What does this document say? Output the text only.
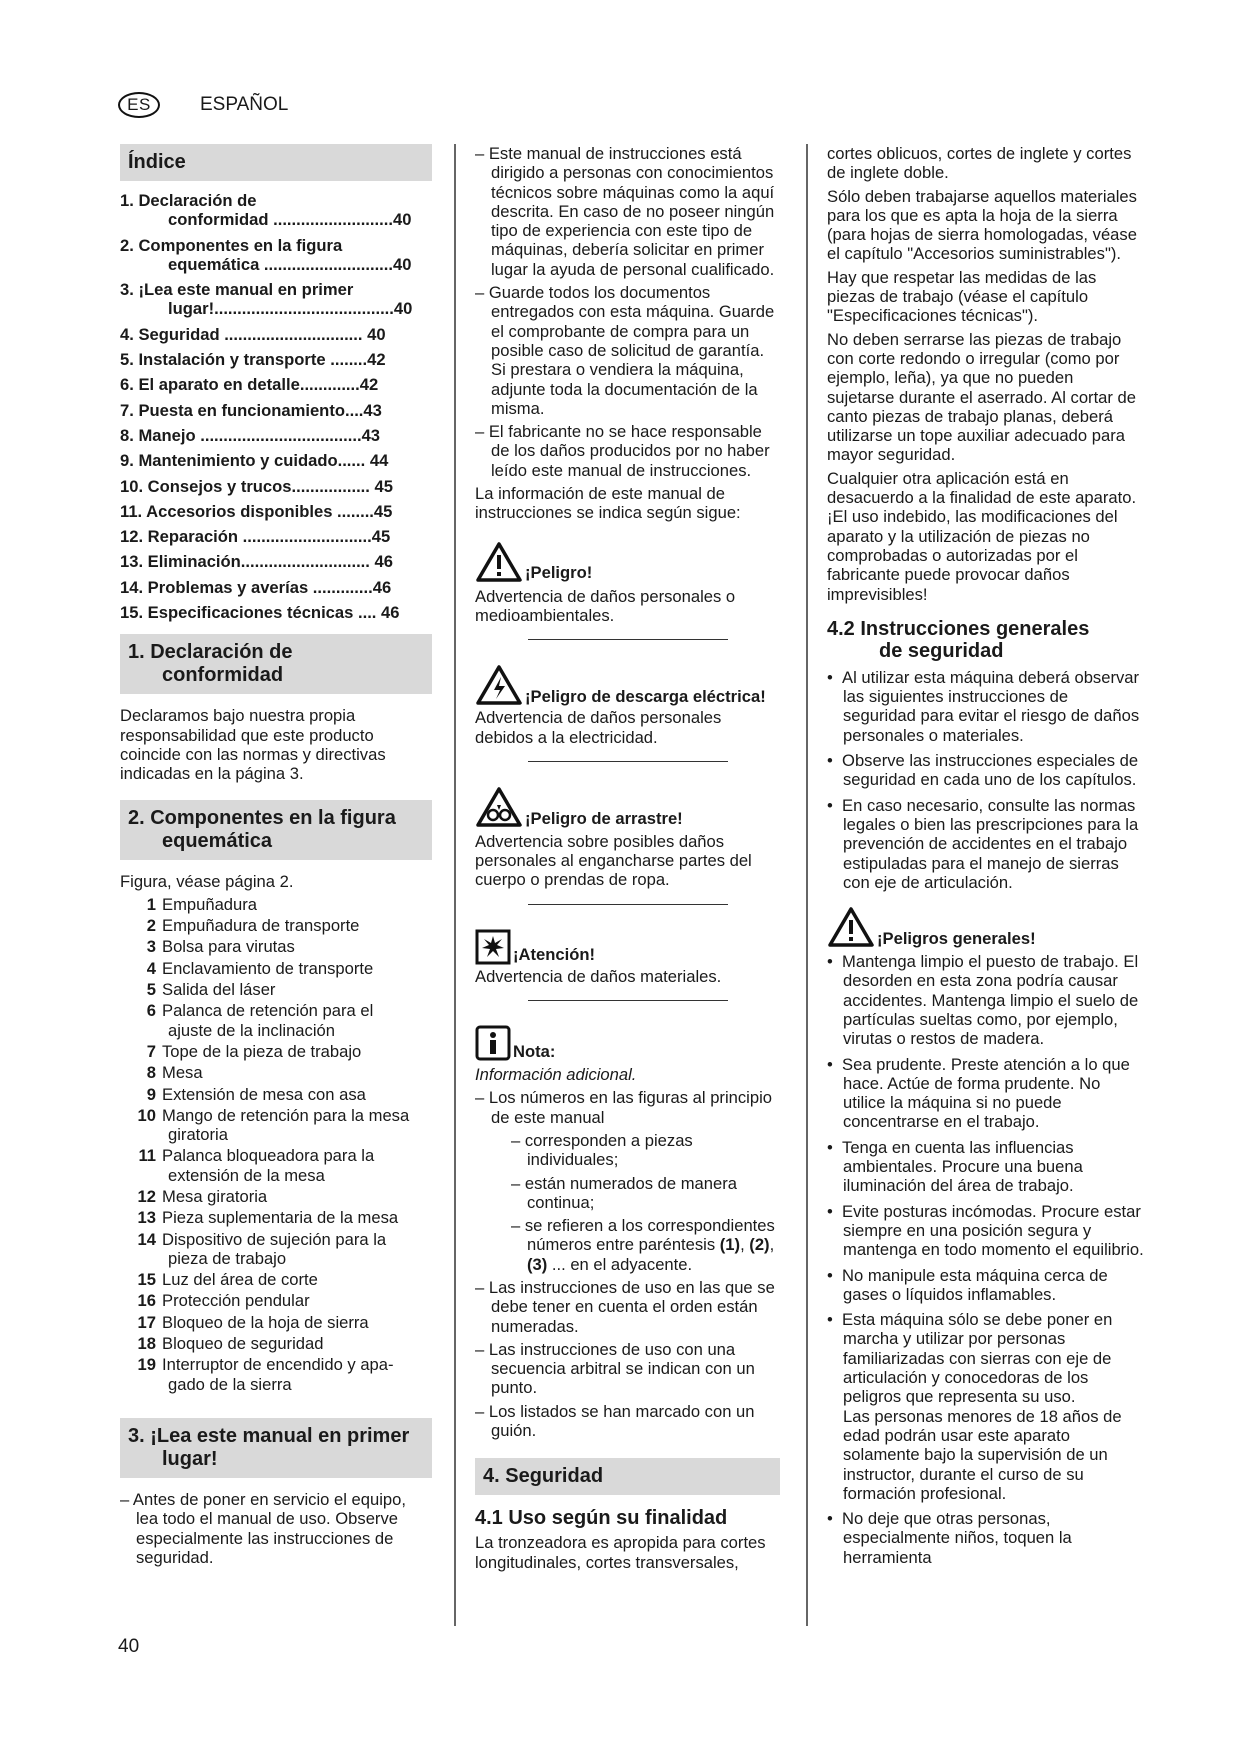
ES	ESPAÑOL
Índice
1. Declaración de
conformidad ..........................40
2. Componentes en la figura
equemática ............................40
3. ¡Lea este manual en primer
lugar!.......................................40
4. Seguridad .............................. 40
5. Instalación y transporte ........42
6. El aparato en detalle.............42
7. Puesta en funcionamiento....43
8. Manejo ...................................43
9. Mantenimiento y cuidado...... 44
10. Consejos y trucos................. 45
11. Accesorios disponibles ........45
12. Reparación ............................45
13. Eliminación............................ 46
14. Problemas y averías .............46
15. Especificaciones técnicas .... 46
1. Declaración de
conformidad

Declaramos bajo nuestra propia responsabilidad que este producto coincide con las normas y directivas indicadas en la página 3.

2. Componentes en la figura
equemática

Figura, véase página 2.

1 Empuñadura
2 Empuñadura de transporte
3 Bolsa para virutas
4 Enclavamiento de transporte
5 Salida del láser
6 Palanca de retención para el
ajuste de la inclinación
7 Tope de la pieza de trabajo
8 Mesa
9 Extensión de mesa con asa
10 Mango de retención para la mesa
giratoria
11 Palanca bloqueadora para la
extensión de la mesa
12 Mesa giratoria
13 Pieza suplementaria de la mesa
14 Dispositivo de sujeción para la
pieza de trabajo
15 Luz del área de corte
16 Protección pendular
17 Bloqueo de la hoja de sierra
18 Bloqueo de seguridad
19 Interruptor de encendido y apa-
gado de la sierra
3. ¡Lea este manual en primer
lugar!

– Antes de poner en servicio el equipo, lea todo el manual de uso. Observe especialmente las instrucciones de seguridad.

– Este manual de instrucciones está dirigido a personas con conocimientos técnicos sobre máquinas como la aquí descrita. En caso de no poseer ningún tipo de experiencia con este tipo de máquinas, debería solicitar en primer lugar la ayuda de personal cualificado.

– Guarde todos los documentos entregados con esta máquina. Guarde el comprobante de compra para un posible caso de solicitud de garantía. Si prestara o vendiera la máquina, adjunte toda la documentación de la misma.

– El fabricante no se hace responsable de los daños producidos por no haber leído este manual de instrucciones.

La información de este manual de instrucciones se indica según sigue:

¡Peligro!

Advertencia de daños personales o medioambientales.

¡Peligro de descarga eléctrica!

Advertencia de daños personales debidos a la electricidad.

¡Peligro de arrastre!

Advertencia sobre posibles daños personales al engancharse partes del cuerpo o prendas de ropa.

¡Atención!

Advertencia de daños materiales.

Nota:

Información adicional.

– Los números en las figuras al principio de este manual

– corresponden a piezas individuales;

– están numerados de manera continua;

– se refieren a los correspondientes números entre paréntesis (1), (2), (3) ... en el adyacente.

– Las instrucciones de uso en las que se debe tener en cuenta el orden están numeradas.

– Las instrucciones de uso con una secuencia arbitral se indican con un punto.

– Los listados se han marcado con un guión.

4. Seguridad
4.1 Uso según su finalidad

La tronzeadora es apropida para cortes longitudinales, cortes transversales,

cortes oblicuos, cortes de inglete y cortes de inglete doble.

Sólo deben trabajarse aquellos materiales para los que es apta la hoja de la sierra (para hojas de sierra homologadas, véase el capítulo "Accesorios suministrables").

Hay que respetar las medidas de las piezas de trabajo (véase el capítulo "Especificaciones técnicas").

No deben serrarse las piezas de trabajo con corte redondo o irregular (como por ejemplo, leña), ya que no pueden sujetarse durante el aserrado. Al cortar de canto piezas de trabajo planas, deberá utilizarse un tope auxiliar adecuado para mayor seguridad.

Cualquier otra aplicación está en desacuerdo a la finalidad de este aparato. ¡El uso indebido, las modificaciones del aparato y la utilización de piezas no comprobadas o autorizadas por el fabricante puede provocar daños imprevisibles!

4.2 Instrucciones generales
de seguridad

•  Al utilizar esta máquina deberá observar las siguientes instrucciones de seguridad para evitar el riesgo de daños personales o materiales.

•  Observe las instrucciones especiales de seguridad en cada uno de los capítulos.

•  En caso necesario, consulte las normas legales o bien las prescripciones para la prevención de accidentes en el trabajo estipuladas para el manejo de sierras con eje de articulación.

¡Peligros generales!

•  Mantenga limpio el puesto de trabajo. El desorden en esta zona podría causar accidentes. Mantenga limpio el suelo de partículas sueltas como, por ejemplo, virutas o restos de madera.

•  Sea prudente. Preste atención a lo que hace. Actúe de forma prudente. No utilice la máquina si no puede concentrarse en el trabajo.

•  Tenga en cuenta las influencias ambientales. Procure una buena iluminación del área de trabajo.

•  Evite posturas incómodas. Procure estar siempre en una posición segura y mantenga en todo momento el equilibrio.

•  No manipule esta máquina cerca de gases o líquidos inflamables.

•  Esta máquina sólo se debe poner en marcha y utilizar por personas familiarizadas con sierras con eje de articulación y conocedoras de los peligros que representa su uso.

Las personas menores de 18 años de edad podrán usar este aparato solamente bajo la supervisión de un instructor, durante el curso de su formación profesional.

•  No deje que otras personas, especialmente niños, toquen la herramienta

40
